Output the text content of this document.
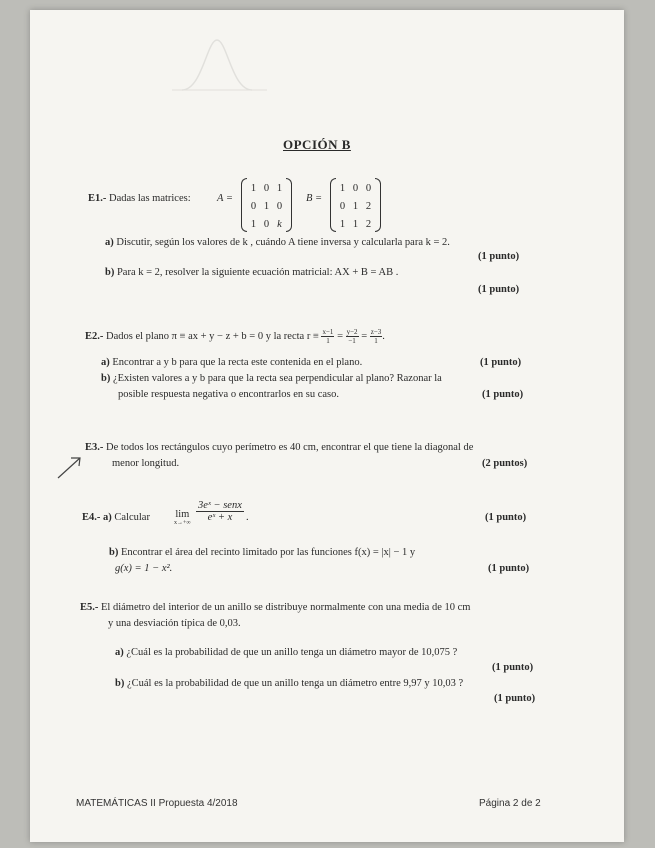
OPCIÓN B
E1.- Dadas las matrices:	A =
1 0 1
0 1 0
1 0 k
B =
1 0 0
0 1 2
1 1 2
a) Discutir, según los valores de k , cuándo A tiene inversa y calcularla para k = 2.
(1 punto)
b) Para k = 2, resolver la siguiente ecuación matricial: AX + B = AB .
(1 punto)
E2.- Dados el plano π ≡ ax + y − z + b = 0 y la recta $r \equiv \frac{x-1}{1} = \frac{y-2}{-1} = \frac{z-3}{1}$ .
a) Encontrar a y b para que la recta este contenida en el plano.	(1 punto)
b) ¿Existen valores a y b para que la recta sea perpendicular al plano? Razonar la
posible respuesta negativa o encontrarlos en su caso.	(1 punto)
E3.- De todos los rectángulos cuyo perímetro es 40 cm, encontrar el que tiene la diagonal de
menor longitud.	(2 puntos)
E4.- a) Calcular lim
x→+∞
3eˣ − senx
eˣ + x	.	(1 punto)
b) Encontrar el área del recinto limitado por las funciones f(x) = |x| − 1 y
g(x) = 1 − x².	(1 punto)
E5.- El diámetro del interior de un anillo se distribuye normalmente con una media de 10 cm
y una desviación típica de 0,03.
a) ¿Cuál es la probabilidad de que un anillo tenga un diámetro mayor de 10,075 ?
(1 punto)
b) ¿Cuál es la probabilidad de que un anillo tenga un diámetro entre 9,97 y 10,03 ?
(1 punto)
MATEMÁTICAS II Propuesta 4/2018	Página 2 de 2
